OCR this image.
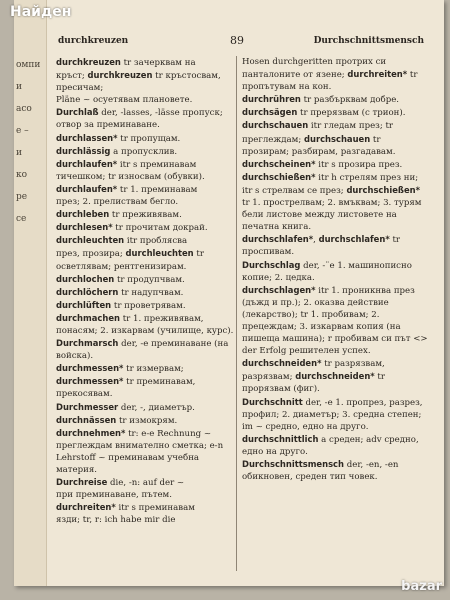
омпи
и
асо
е –
и
ко
ре
се
durchkreuzen	89	Durchschnittsmensch
durchkreuzen tr зачерквам на
кръст; durchkreuzen tr кръстосвам, пресичам;
Pläne ~ осуетявам плановете.
Durchlaß der, -lasses, -lässe пропуск; отвор за преминаване.
durchlassen* tr пропущам.
durchlässig a пропусклив.
durchlaufen* itr s преминавам
тичешком; tr износвам (обувки).
durchlaufen* tr 1. преминавам
през; 2. прелиствам бегло.
durchleben tr преживявам.
durchlesen* tr прочитам докрай.
durchleuchten itr проблясва
през, прозира; durchleuchten tr
осветлявам; рентгенизирам.
durchlochen tr продупчвам.
durchlöchern tr надупчвам.
durchlüften tr проветрявам.
durchmachen tr 1. преживявам, понасям; 2. изкарвам (училище, курс).
Durchmarsch der, -e преминаване (на войска).
durchmessen* tr измервам;
durchmessen* tr преминавам, прекосявам.
Durchmesser der, -, диаметър.
durchnässen tr измокрям.
durchnehmen* tr: e-e Rechnung ~ преглеждам внимателно сметка; e-n Lehrstoff ~ преминавам учебна материя.
Durchreise die, -n: auf der ~
при преминаване, пътем.
durchreiten* itr s преминавам
язди; tr, r: ich habe mir die
Hosen durchgeritten протрих си
панталоните от язене; durchreiten* tr пропътувам на кон.
durchrühren tr разбърквам добре.
durchsägen tr прерязвам (с трион).
durchschauen itr гледам през; tr преглеждам; durchschauen tr прозирам; разбирам, разгадавам.
durchscheinen* itr s прозира през.
durchschießen* itr h стрелям през ни; itr s стрелвам се през; durchschießen* tr 1. прострелвам; 2. вмъквам; 3. турям бели листове между листовете на печатна книга.
durchschlafen*, durchschlafen* tr проспивам.
Durchschlag der, -¨e 1. машинописно копие; 2. цедка.
durchschlagen* itr 1. проникнва през (дъжд и пр.); 2. оказва действие (лекарство); tr 1. пробивам; 2. прецеждам; 3. изкарвам копия (на пишеща машина); r пробивам си път <> der Erfolg решителен успех.
durchschneiden* tr разрязвам, разрязвам; durchschneiden* tr прорязвам (фиг).
Durchschnitt der, -e 1. пропрез, разрез, профил; 2. диаметър; 3. средна степен; im ~ средно, едно на друго.
durchschnittlich a среден; adv средно, едно на друго.
Durchschnittsmensch der, -en, -en обикновен, среден тип човек.
Найден
bazar
